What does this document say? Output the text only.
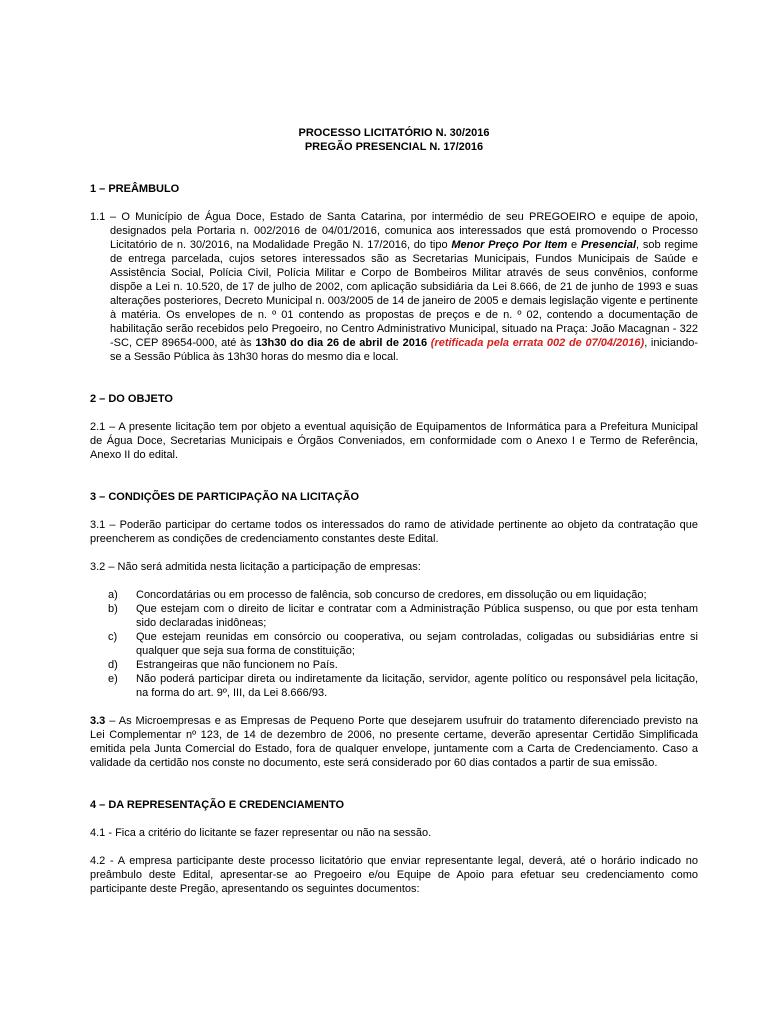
PROCESSO LICITATÓRIO N. 30/2016
PREGÃO PRESENCIAL N. 17/2016
1 – PREÂMBULO
1.1 – O Município de Água Doce, Estado de Santa Catarina, por intermédio de seu PREGOEIRO e equipe de apoio, designados pela Portaria n. 002/2016 de 04/01/2016, comunica aos interessados que está promovendo o Processo Licitatório de n. 30/2016, na Modalidade Pregão N. 17/2016, do tipo Menor Preço Por Item e Presencial, sob regime de entrega parcelada, cujos setores interessados são as Secretarias Municipais, Fundos Municipais de Saúde e Assistência Social, Polícia Civil, Polícia Militar e Corpo de Bombeiros Militar através de seus convênios, conforme dispõe a Lei n. 10.520, de 17 de julho de 2002, com aplicação subsidiária da Lei 8.666, de 21 de junho de 1993 e suas alterações posteriores, Decreto Municipal n. 003/2005 de 14 de janeiro de 2005 e demais legislação vigente e pertinente à matéria. Os envelopes de n. º 01 contendo as propostas de preços e de n. º 02, contendo a documentação de habilitação serão recebidos pelo Pregoeiro, no Centro Administrativo Municipal, situado na Praça: João Macagnan - 322 -SC, CEP 89654-000, até às 13h30 do dia 26 de abril de 2016 (retificada pela errata 002 de 07/04/2016), iniciando-se a Sessão Pública às 13h30 horas do mesmo dia e local.
2 – DO OBJETO

2.1 – A presente licitação tem por objeto a eventual aquisição de Equipamentos de Informática para a Prefeitura Municipal de Água Doce, Secretarias Municipais e Órgãos Conveniados, em conformidade com o Anexo I e Termo de Referência, Anexo II do edital.

3 – CONDIÇÕES DE PARTICIPAÇÃO NA LICITAÇÃO

3.1 – Poderão participar do certame todos os interessados do ramo de atividade pertinente ao objeto da contratação que preencherem as condições de credenciamento constantes deste Edital.

3.2 – Não será admitida nesta licitação a participação de empresas:

a)	Concordatárias ou em processo de falência, sob concurso de credores, em dissolução ou em liquidação;
b)	Que estejam com o direito de licitar e contratar com a Administração Pública suspenso, ou que por esta tenham sido declaradas inidôneas;
c)	Que estejam reunidas em consórcio ou cooperativa, ou sejam controladas, coligadas ou subsidiárias entre si qualquer que seja sua forma de constituição;
d)	Estrangeiras que não funcionem no País.
e)	Não poderá participar direta ou indiretamente da licitação, servidor, agente político ou responsável pela licitação, na forma do art. 9º, III, da Lei 8.666/93.

3.3 – As Microempresas e as Empresas de Pequeno Porte que desejarem usufruir do tratamento diferenciado previsto na Lei Complementar nº 123, de 14 de dezembro de 2006, no presente certame, deverão apresentar Certidão Simplificada emitida pela Junta Comercial do Estado, fora de qualquer envelope, juntamente com a Carta de Credenciamento. Caso a validade da certidão nos conste no documento, este será considerado por 60 dias contados a partir de sua emissão.

4 – DA REPRESENTAÇÃO E CREDENCIAMENTO

4.1 - Fica a critério do licitante se fazer representar ou não na sessão.

4.2 - A empresa participante deste processo licitatório que enviar representante legal, deverá, até o horário indicado no preâmbulo deste Edital, apresentar-se ao Pregoeiro e/ou Equipe de Apoio para efetuar seu credenciamento como participante deste Pregão, apresentando os seguintes documentos:
